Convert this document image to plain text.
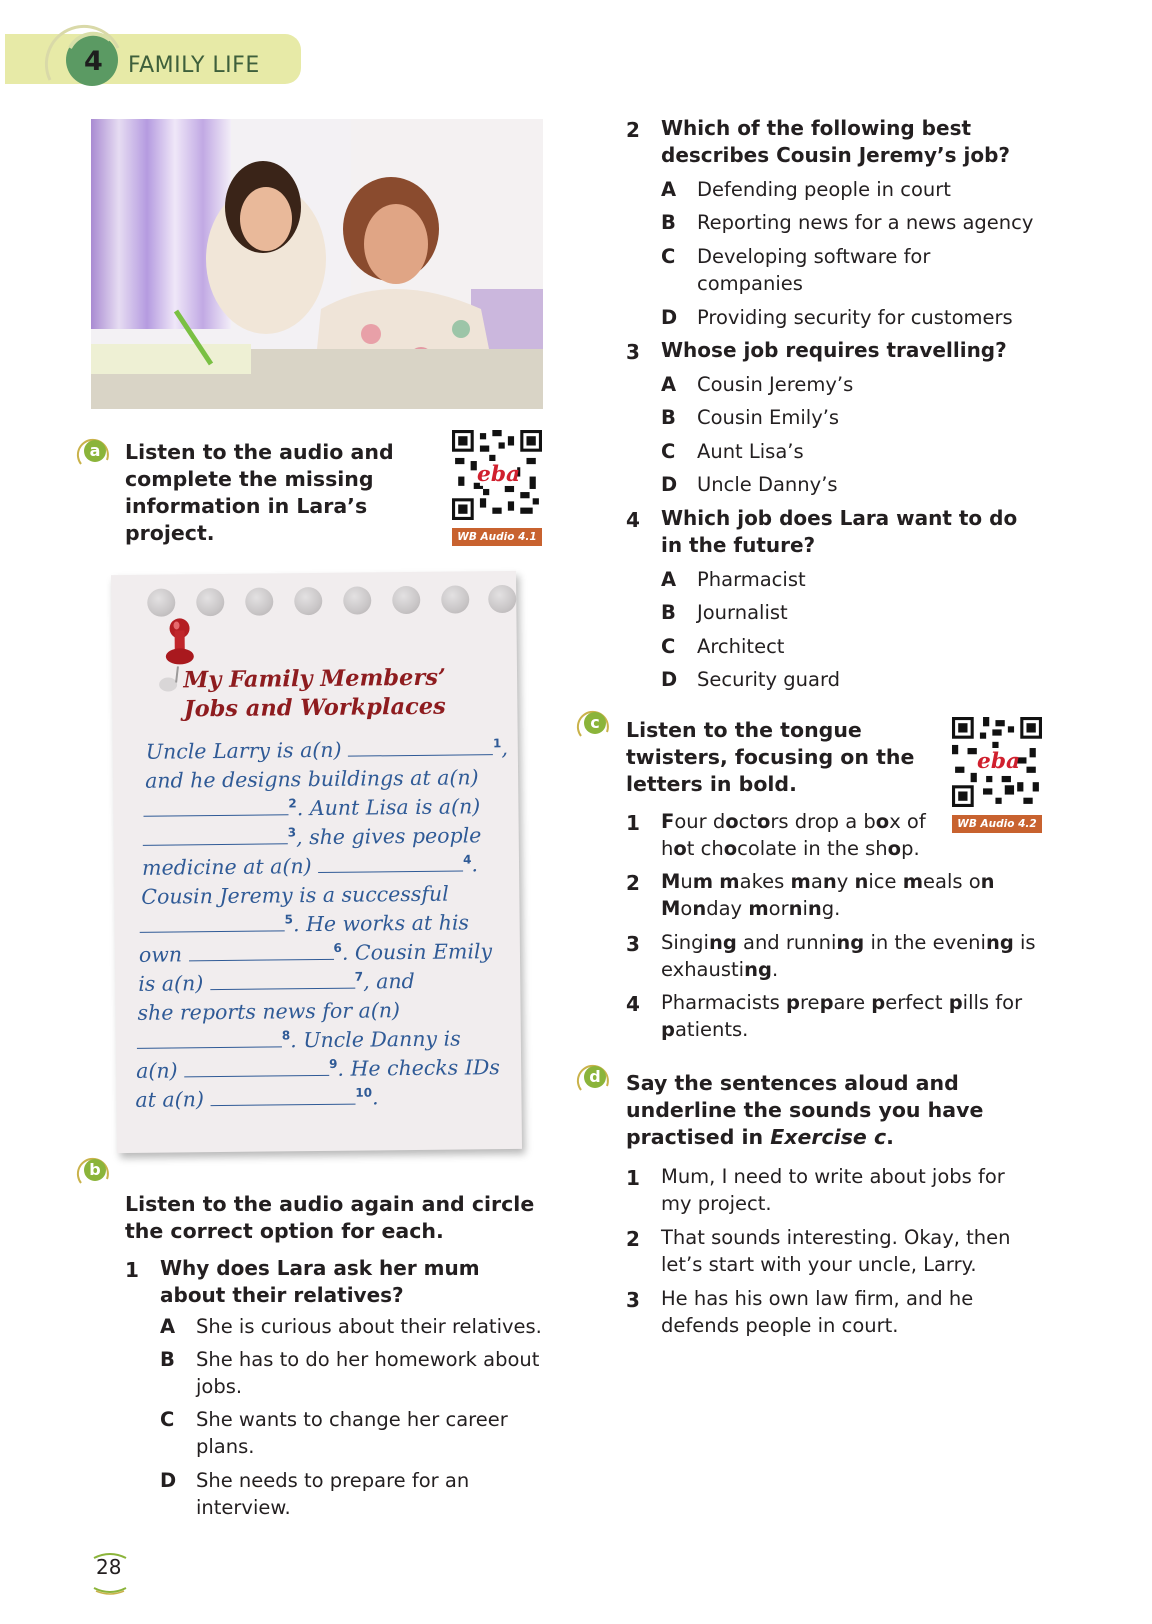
4 FAMILY LIFE
a Listen to the audio and complete the missing information in Lara’s project.
eba
WB Audio 4.1
My Family Members’
Jobs and Workplaces
Uncle Larry is a(n)	$^1$,
and he designs buildings at a(n)
$^2$. Aunt Lisa is a(n)
$^3$, she gives people
medicine at a(n)	$^4$.
Cousin Jeremy is a successful
$^5$. He works at his
own	$^6$. Cousin Emily
is a(n)	$^7$, and
she reports news for a(n)
$^8$. Uncle Danny is
a(n)	$^9$. He checks IDs
at a(n)	$^{10}$.
b
Listen to the audio again and circle the correct option for each.
1 Why does Lara ask her mum about their relatives?
A She is curious about their relatives.
B She has to do her homework about jobs.
C She wants to change her career plans.
D She needs to prepare for an interview.
2 Which of the following best describes Cousin Jeremy’s job?
A Defending people in court
B Reporting news for a news agency
C Developing software for companies
D Providing security for customers
3 Whose job requires travelling?
A Cousin Jeremy’s
B Cousin Emily’s
C Aunt Lisa’s
D Uncle Danny’s
4 Which job does Lara want to do in the future?
A Pharmacist
B Journalist
C Architect
D Security guard
c	Listen to the tongue twisters, focusing on the letters in bold.
eba
WB Audio 4.2
1 Four doctors drop a box of
hot chocolate in the shop.
2 Mum makes many nice meals on
Monday morning.
3 Singing and running in the evening is
exhausting.
4 Pharmacists prepare perfect pills for
patients.
d Say the sentences aloud and underline the sounds you have practised in Exercise c.
1 Mum, I need to write about jobs for my project.
2 That sounds interesting. Okay, then let’s start with your uncle, Larry.
3 He has his own law firm, and he defends people in court.
28
